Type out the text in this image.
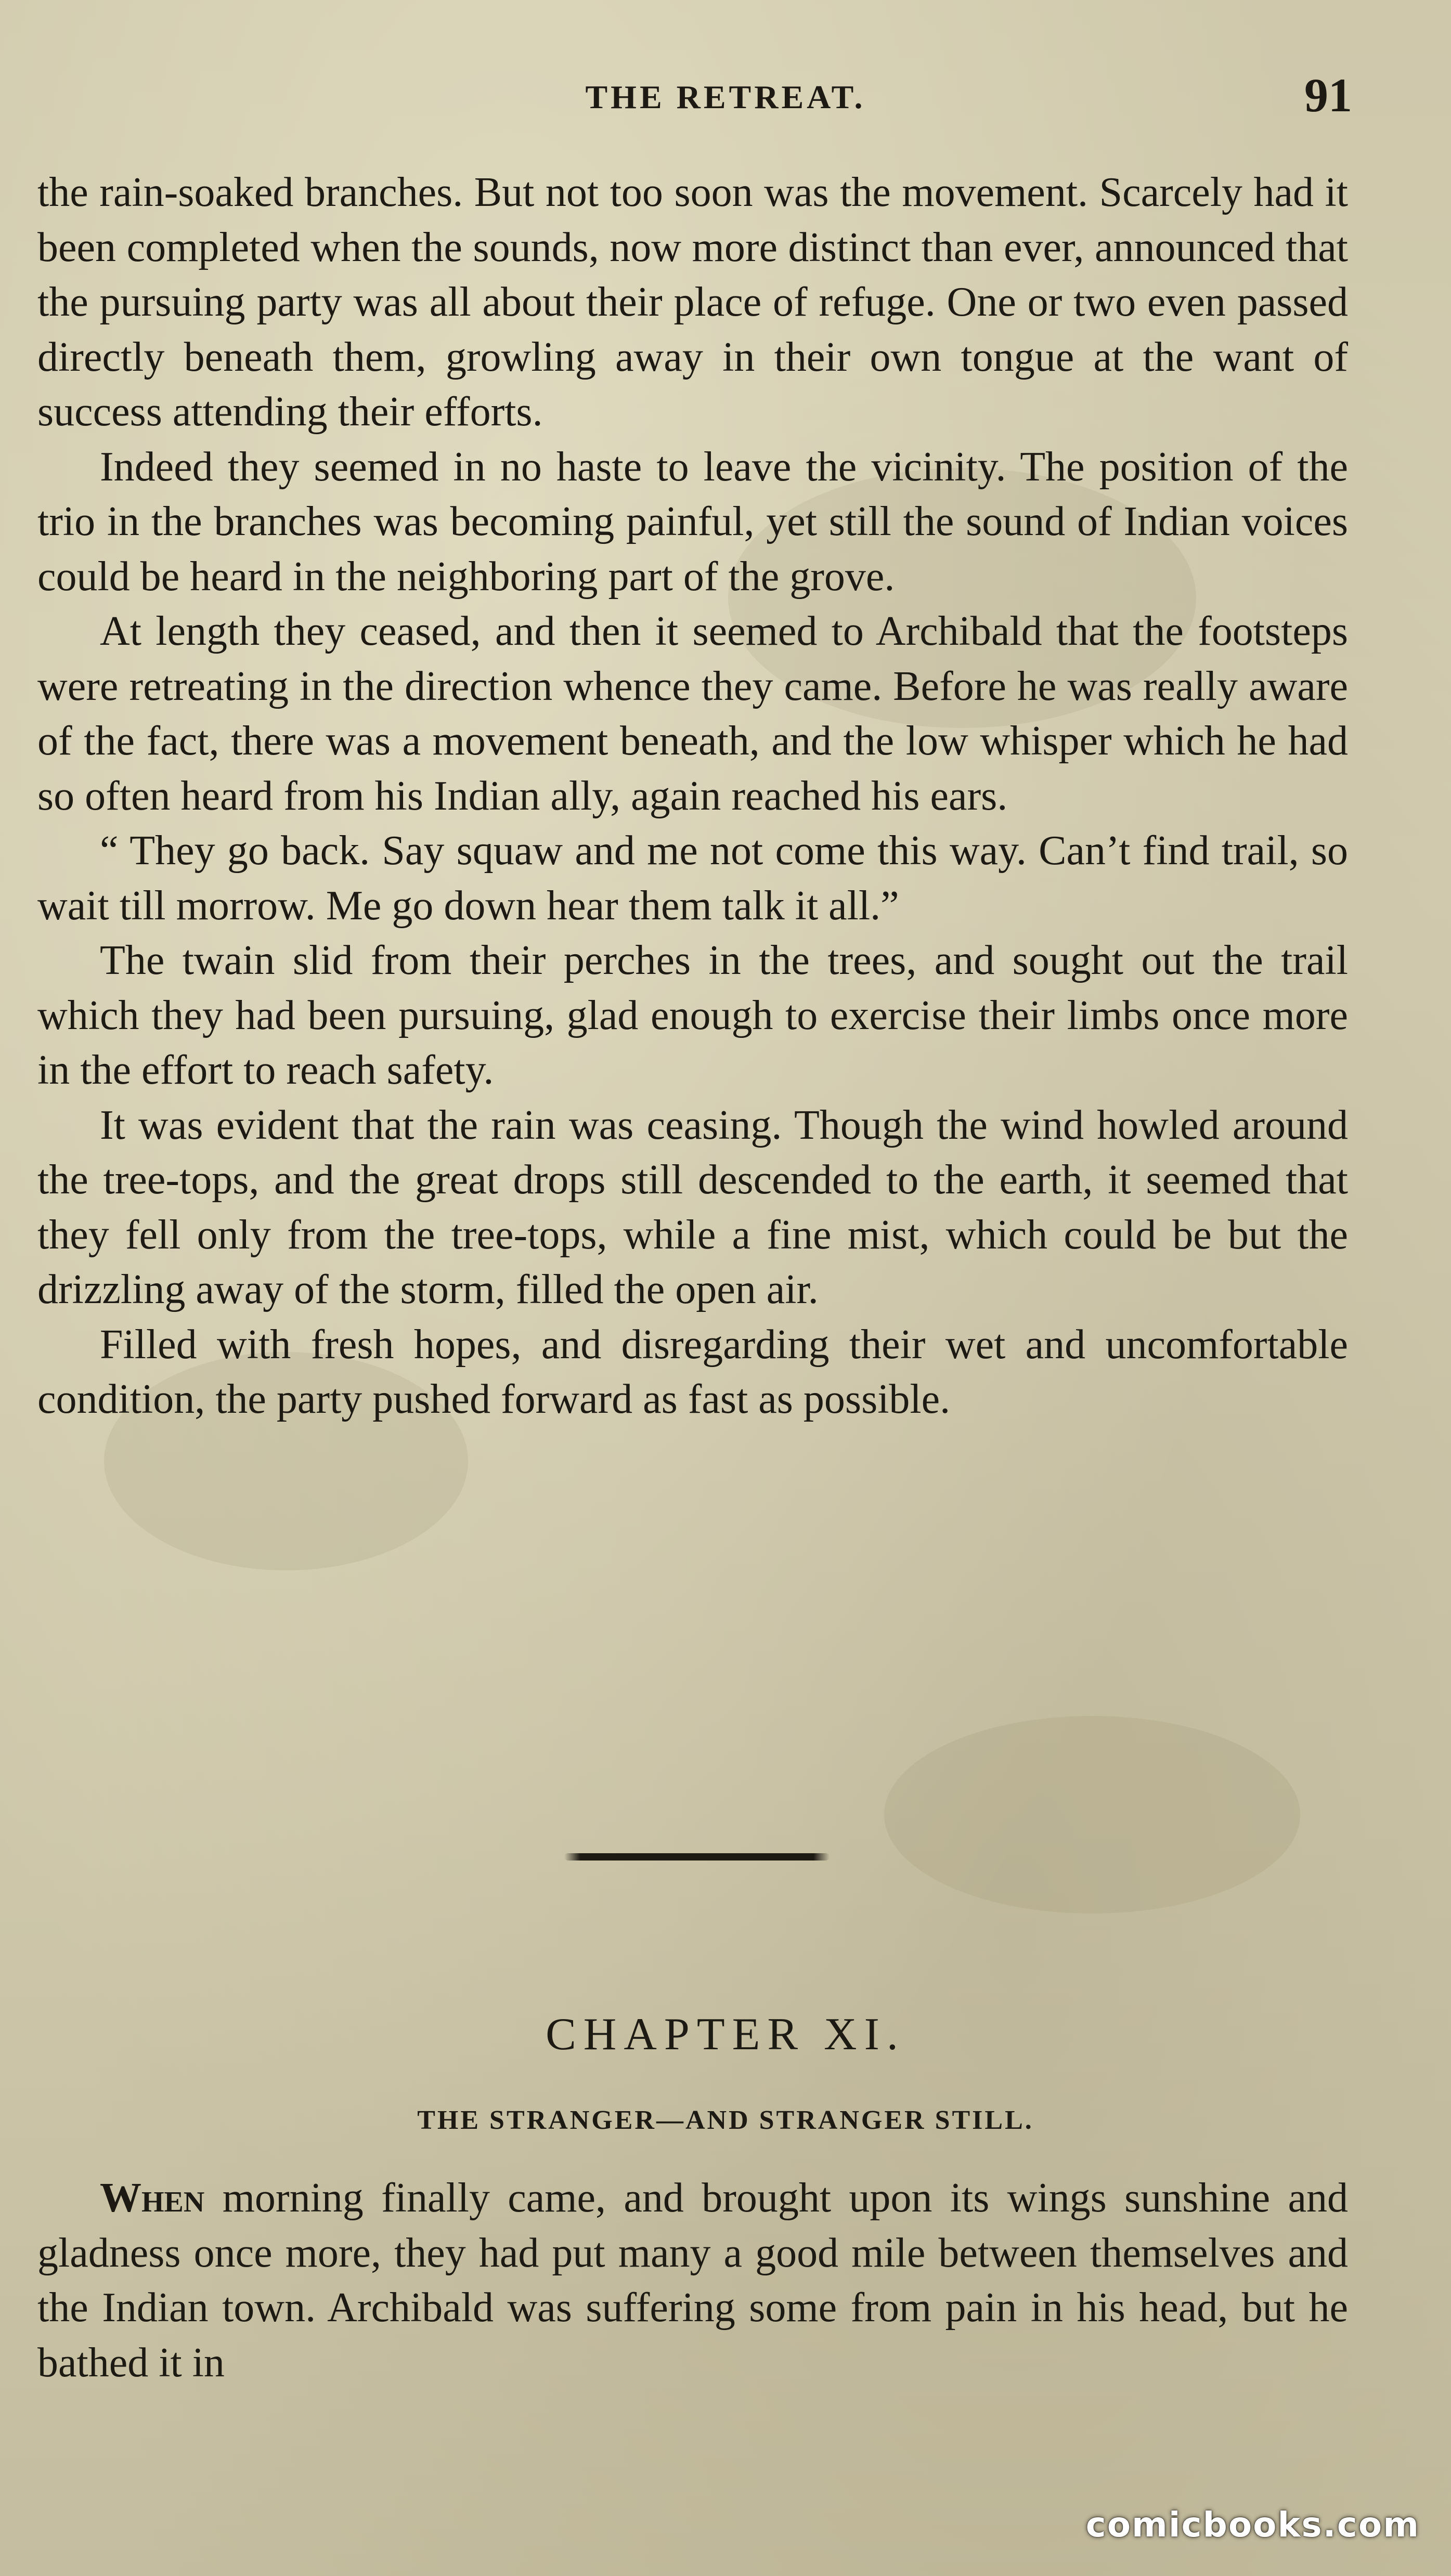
THE RETREAT.	91

the rain-soaked branches. But not too soon was the movement. Scarcely had it been completed when the sounds, now more distinct than ever, announced that the pursuing party was all about their place of refuge. One or two even passed directly beneath them, growling away in their own tongue at the want of success attending their efforts.

Indeed they seemed in no haste to leave the vicinity. The position of the trio in the branches was becoming painful, yet still the sound of Indian voices could be heard in the neighboring part of the grove.

At length they ceased, and then it seemed to Archibald that the footsteps were retreating in the direction whence they came. Before he was really aware of the fact, there was a movement beneath, and the low whisper which he had so often heard from his Indian ally, again reached his ears.

“ They go back. Say squaw and me not come this way. Can’t find trail, so wait till morrow. Me go down hear them talk it all.”

The twain slid from their perches in the trees, and sought out the trail which they had been pursuing, glad enough to exercise their limbs once more in the effort to reach safety.

It was evident that the rain was ceasing. Though the wind howled around the tree-tops, and the great drops still descended to the earth, it seemed that they fell only from the tree-tops, while a fine mist, which could be but the drizzling away of the storm, filled the open air.

Filled with fresh hopes, and disregarding their wet and uncomfortable condition, the party pushed forward as fast as possible.

CHAPTER XI.
THE STRANGER—AND STRANGER STILL.

When morning finally came, and brought upon its wings sunshine and gladness once more, they had put many a good mile between themselves and the Indian town. Archibald was suffering some from pain in his head, but he bathed it in

comicbooks.com
